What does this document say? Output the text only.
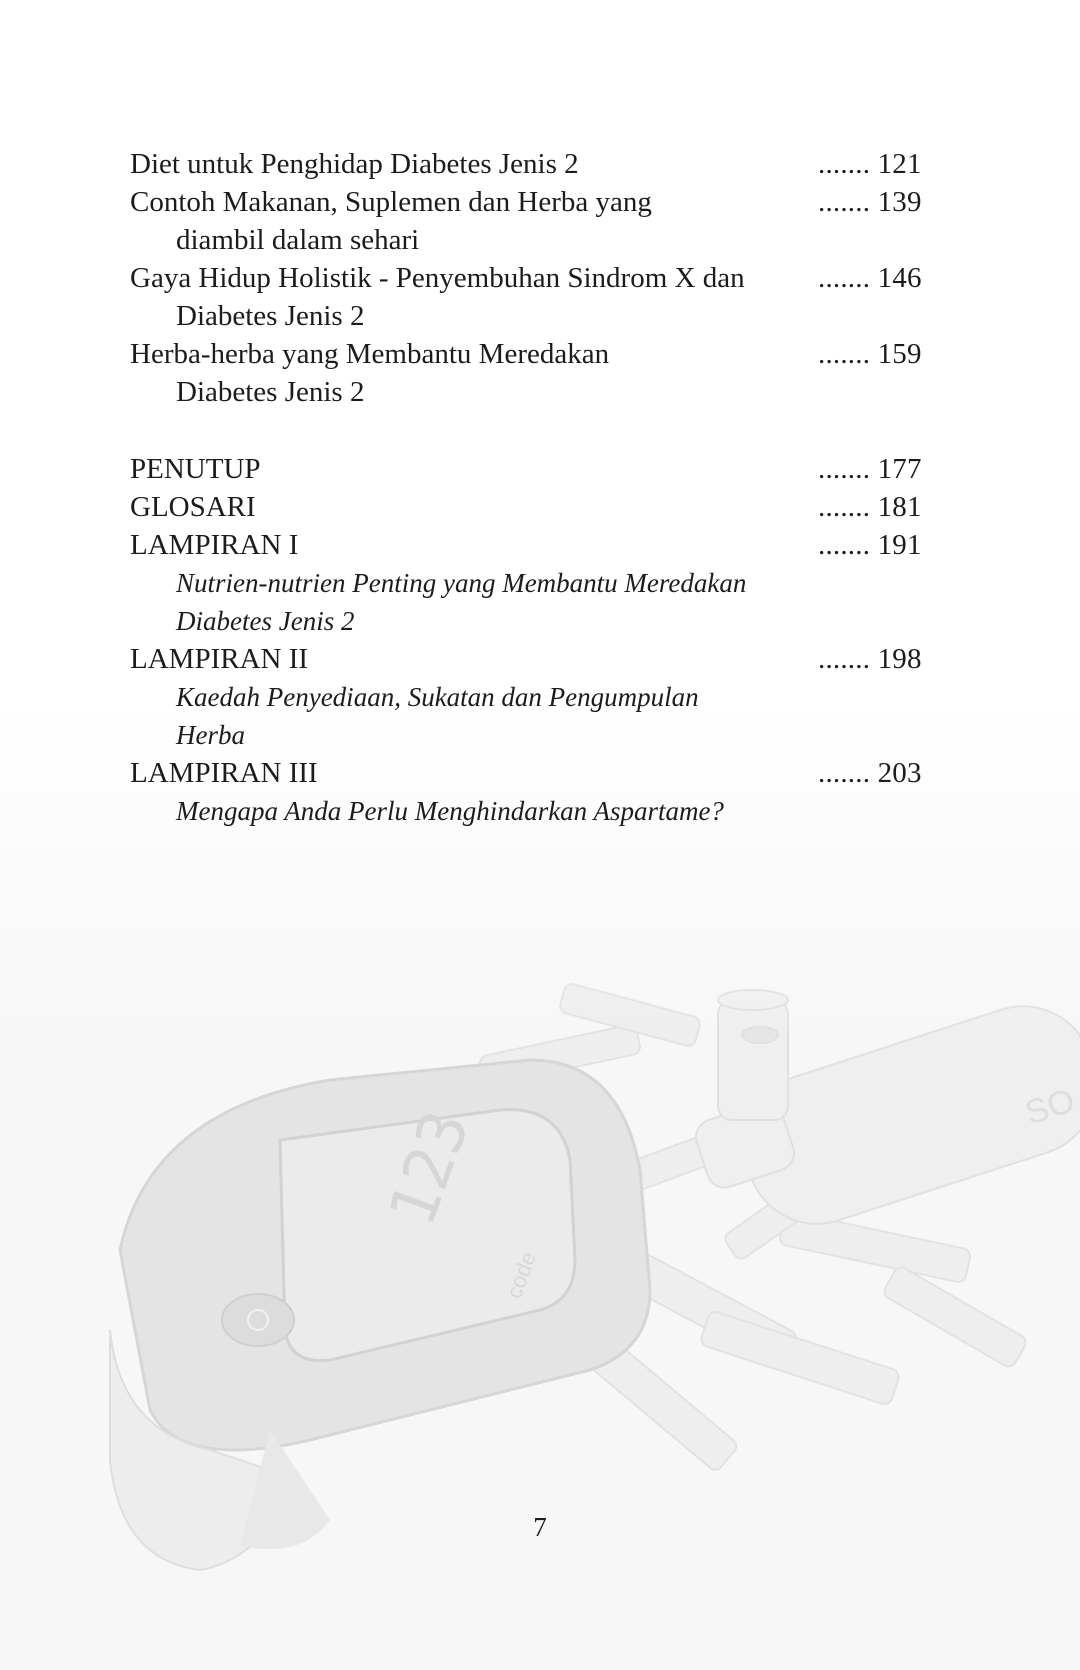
Diet untuk Penghidap Diabetes Jenis 2	....... 121
Contoh Makanan, Suplemen dan Herba yang	....... 139
diambil dalam sehari
Gaya Hidup Holistik - Penyembuhan Sindrom X dan	....... 146
Diabetes Jenis 2
Herba-herba yang Membantu Meredakan	....... 159
Diabetes Jenis 2
PENUTUP	....... 177
GLOSARI	....... 181
LAMPIRAN I	....... 191
Nutrien-nutrien Penting yang Membantu Meredakan
Diabetes Jenis 2
LAMPIRAN II	....... 198
Kaedah Penyediaan, Sukatan dan Pengumpulan
Herba
LAMPIRAN III	....... 203
Mengapa Anda Perlu Menghindarkan Aspartame?
7
